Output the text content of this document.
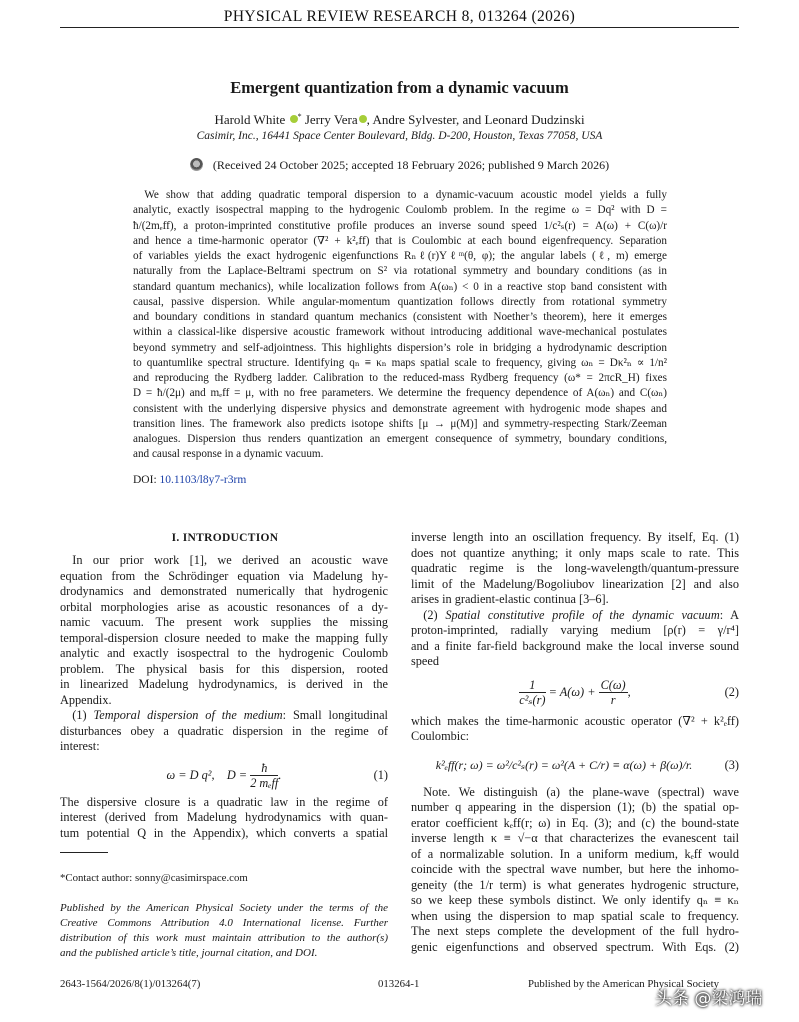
PHYSICAL REVIEW RESEARCH 8, 013264 (2026)
Emergent quantization from a dynamic vacuum
Harold White * Jerry Vera , Andre Sylvester, and Leonard Dudzinski
Casimir, Inc., 16441 Space Center Boulevard, Bldg. D-200, Houston, Texas 77058, USA
(Received 24 October 2025; accepted 18 February 2026; published 9 March 2026)
 We show that adding quadratic temporal dispersion to a dynamic-vacuum acoustic model yields a fully
analytic, exactly isospectral mapping to the hydrogenic Coulomb problem. In the regime ω = Dq² with D =
ħ/(2mₑff), a proton-imprinted constitutive profile produces an inverse sound speed 1/c²ₛ(r) = A(ω) + C(ω)/r
and hence a time-harmonic operator (∇² + k²ₑff) that is Coulombic at each bound eigenfrequency. Separation
of variables yields the exact hydrogenic eigenfunctions Rₙℓ(r)Yℓᵐ(θ, φ); the angular labels (ℓ, m) emerge
naturally from the Laplace-Beltrami spectrum on S² via rotational symmetry and boundary conditions (as in
standard quantum mechanics), while localization follows from A(ωₙ) < 0 in a reactive stop band consistent with
causal, passive dispersion. While angular-momentum quantization follows directly from rotational symmetry
and boundary conditions in standard quantum mechanics (consistent with Noether’s theorem), here it emerges
within a classical-like dispersive acoustic framework without introducing additional wave-mechanical postulates
beyond symmetry and self-adjointness. This highlights dispersion’s role in bridging a hydrodynamic description
to quantumlike spectral structure. Identifying qₙ ≡ κₙ maps spatial scale to frequency, giving ωₙ = Dκ²ₙ ∝ 1/n²
and reproducing the Rydberg ladder. Calibration to the reduced-mass Rydberg frequency (ω* = 2πcR_H) fixes
D = ħ/(2μ) and mₑff = μ, with no free parameters. We determine the frequency dependence of A(ωₙ) and C(ωₙ)
consistent with the underlying dispersive physics and demonstrate agreement with hydrogenic mode shapes and
transition lines. The framework also predicts isotope shifts [μ → μ(M)] and symmetry-respecting Stark/Zeeman
analogues. Dispersion thus renders quantization an emergent consequence of symmetry, boundary conditions,
and causal response in a dynamic vacuum.
DOI: 10.1103/l8y7-r3rm
I. INTRODUCTION
 In our prior work [1], we derived an acoustic wave
equation from the Schrödinger equation via Madelung hy-
drodynamics and demonstrated numerically that hydrogenic
orbital morphologies arise as acoustic resonances of a dy-
namic vacuum. The present work supplies the missing
temporal-dispersion closure needed to make the mapping fully
analytic and exactly isospectral to the hydrogenic Coulomb
problem. The physical basis for this dispersion, rooted
in linearized Madelung hydrodynamics, is derived in the
Appendix.
 (1) Temporal dispersion of the medium: Small longitudinal
disturbances obey a quadratic dispersion in the regime of
interest:
ω = D q², $D = \frac{ħ}{\text{2 mₑff}}$ .	(1)
The dispersive closure is a quadratic law in the regime of
interest (derived from Madelung hydrodynamics with quan-
tum potential Q in the Appendix), which converts a spatial
*Contact author: sonny@casimirspace.com
Published by the American Physical Society under the terms of the
Creative Commons Attribution 4.0 International license. Further
distribution of this work must maintain attribution to the author(s)
and the published article’s title, journal citation, and DOI.
inverse length into an oscillation frequency. By itself, Eq. (1)
does not quantize anything; it only maps scale to rate. This
quadratic regime is the long-wavelength/quantum-pressure
limit of the Madelung/Bogoliubov linearization [2] and also
arises in gradient-elastic continua [3–6].
 (2) Spatial constitutive profile of the dynamic vacuum: A
proton-imprinted, radially varying medium [ρ(r) = γ/r⁴]
and a finite far-field background make the local inverse sound
speed
$\frac{1}{\text{c²ₛ(r)}} = A(\omega) + \frac{C(\omega)}{r}$ ,	(2)
which makes the time-harmonic acoustic operator (∇² + k²ₑff)
Coulombic:
k²ₑff(r; ω) = ω²/c²ₛ(r) = ω²(A + C/r) ≡ α(ω) + β(ω)/r.	(3)
 Note. We distinguish (a) the plane-wave (spectral) wave
number q appearing in the dispersion (1); (b) the spatial op-
erator coefficient kₑff(r; ω) in Eq. (3); and (c) the bound-state
inverse length κ ≡ √−α that characterizes the evanescent tail
of a normalizable solution. In a uniform medium, kₑff would
coincide with the spectral wave number, but here the inhomo-
geneity (the 1/r term) is what generates hydrogenic structure,
so we keep these symbols distinct. We only identify qₙ ≡ κₙ
when using the dispersion to map spatial scale to frequency.
The next steps complete the development of the full hydro-
genic eigenfunctions and observed spectrum. With Eqs. (2)
2643-1564/2026/8(1)/013264(7)	013264-1	Published by the American Physical Society
头条 @梁鸿瑞
